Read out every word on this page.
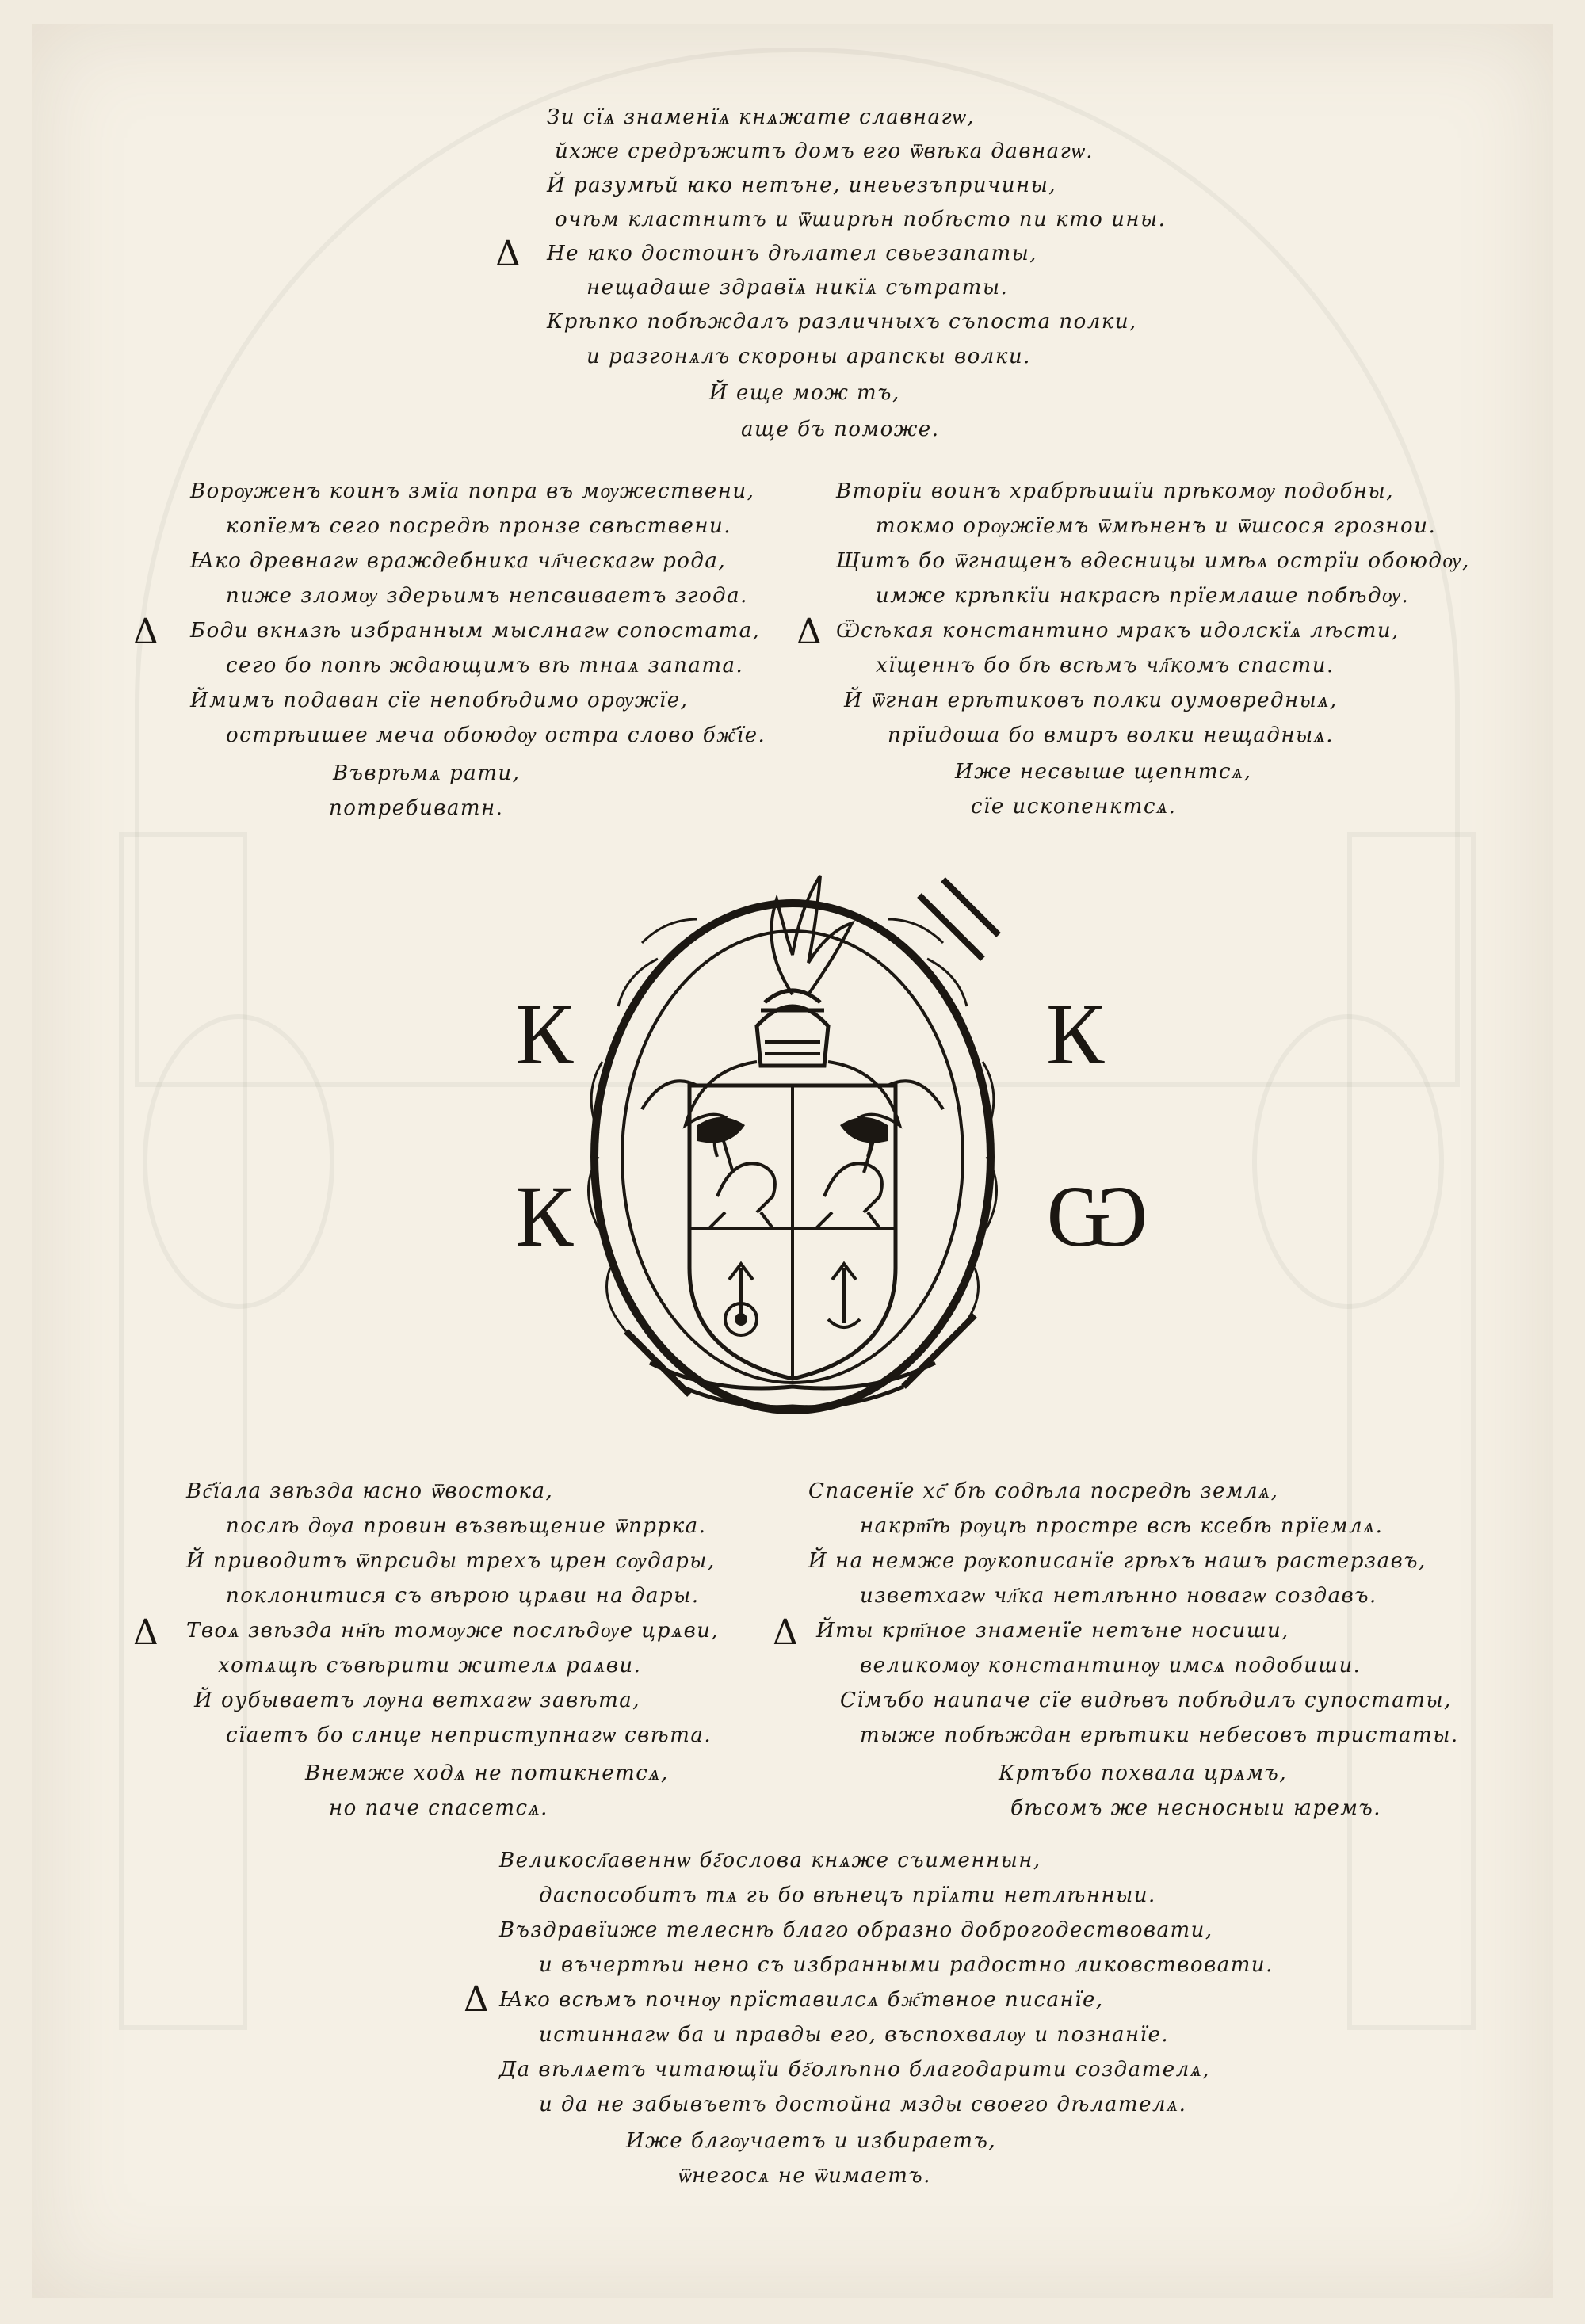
Δ
Зи сїѧ знаменїѧ кнѧжате славнагѡ,
йхже средръжитъ домъ его ѿвѣка давнагѡ.
Й разумѣй ꙗко нетъне, инеьезъпричины,
очѣм кластнитъ и ѿширѣн побѣсто пи кто ины.
Не ꙗко достоинъ дѣлател свьезапаты,
нещадаше здравїѧ никїѧ сътраты.
Крѣпко побѣждалъ различныхъ съпоста полки,
и разгонѧлъ скороны арапскы волки.
Й еще мож тъ,
аще бъ поможе.
Δ
Ворѹженъ коинъ змїа попра въ мѹжествени,
копїемъ сего посредѣ пронзе свѣствени.
Ꙗко древнагѡ враждебника чл҃ческагѡ рода,
пиже зломѹ здерьимъ непсвиваетъ згода.
Боди вкнѧзѣ избранным мыслнагѡ сопостата,
сего бо попѣ ждающимъ вѣ тнаѧ запата.
Ймимъ подаван сїе непобѣдимо орѹжїе,
острѣишее меча обоюдѹ остра слово бж҃їе.
Въврѣмѧ рати,
потребиватн.
Δ
Вторїи воинъ храбрѣишїи прѣкомѹ подобны,
токмо орѹжїемъ ѿмѣненъ и ѿшсося грознои.
Щитъ бо ѿгнащенъ вдесницы имѣѧ острїи обоюдѹ,
имже крѣпкїи накрасѣ прїемлаше побѣдѹ.
Ѿсѣкая константино мракъ идолскїѧ лѣсти,
хїщеннъ бо бѣ всѣмъ чл҃комъ спасти.
Й ѿгнан ерѣтиковъ полки оумовредныѧ,
прїидоша бо вмиръ волки нещадныѧ.
Иже несвыше щепнтсѧ,
сїе ископенктсѧ.
К	К
К	Ѡ
Δ
Вс҃їала звѣзда ꙗсно ѿвостока,
послѣ дѹа провин възвѣщение ѿпррка.
Й приводитъ ѿпрсиды трехъ црен сѹдары,
поклонитися съ вѣрою црѧви на дары.
Твоѧ звѣзда нн҃ѣ томѹже послѣдѹе црѧви,
хотѧщѣ съвѣрити жителѧ раѧви.
Й оубываетъ лѹна ветхагѡ завѣта,
сїаетъ бо слнце неприступнагѡ свѣта.
Внемже ходѧ не потикнетсѧ,
но паче спасетсѧ.
Δ
Спасенїе хс҃ бѣ содѣла посредѣ землѧ,
накрт҃ѣ рѹцѣ простре всѣ ксебѣ прїемлѧ.
Й на немже рѹкописанїе грѣхъ нашъ растерзавъ,
изветхагѡ чл҃ка нетлѣнно новагѡ создавъ.
Йты крт҃ное знаменїе нетъне носиши,
великомѹ константинѹ имсѧ подобиши.
Сїмъбо наипаче сїе видѣвъ побѣдилъ супостаты,
тыже побѣждан ерѣтики небесовъ тристаты.
Кртъбо похвала црѧмъ,
бѣсомъ же несносныи ꙗремъ.
Δ
Великосл҃авеннѡ бг҃ослова кнѧже съименнын,
даспособитъ тѧ гь бо вѣнецъ прїѧти нетлѣнныи.
Въздравїиже телеснѣ благо образно доброгодествовати,
и въчертѣи нено съ избранными радостно ликовствовати.
Ꙗко всѣмъ почнѹ прїставилсѧ бж҃твное писанїе,
истиннагѡ ба и правды его, въспохвалѹ и познанїе.
Да вѣлѧетъ читающїи бг҃олѣпно благодарити создателѧ,
и да не забывъетъ достойна мзды своего дѣлателѧ.
Иже блгѹчаетъ и избираетъ,
ѿнегосѧ не ѿимаетъ.
